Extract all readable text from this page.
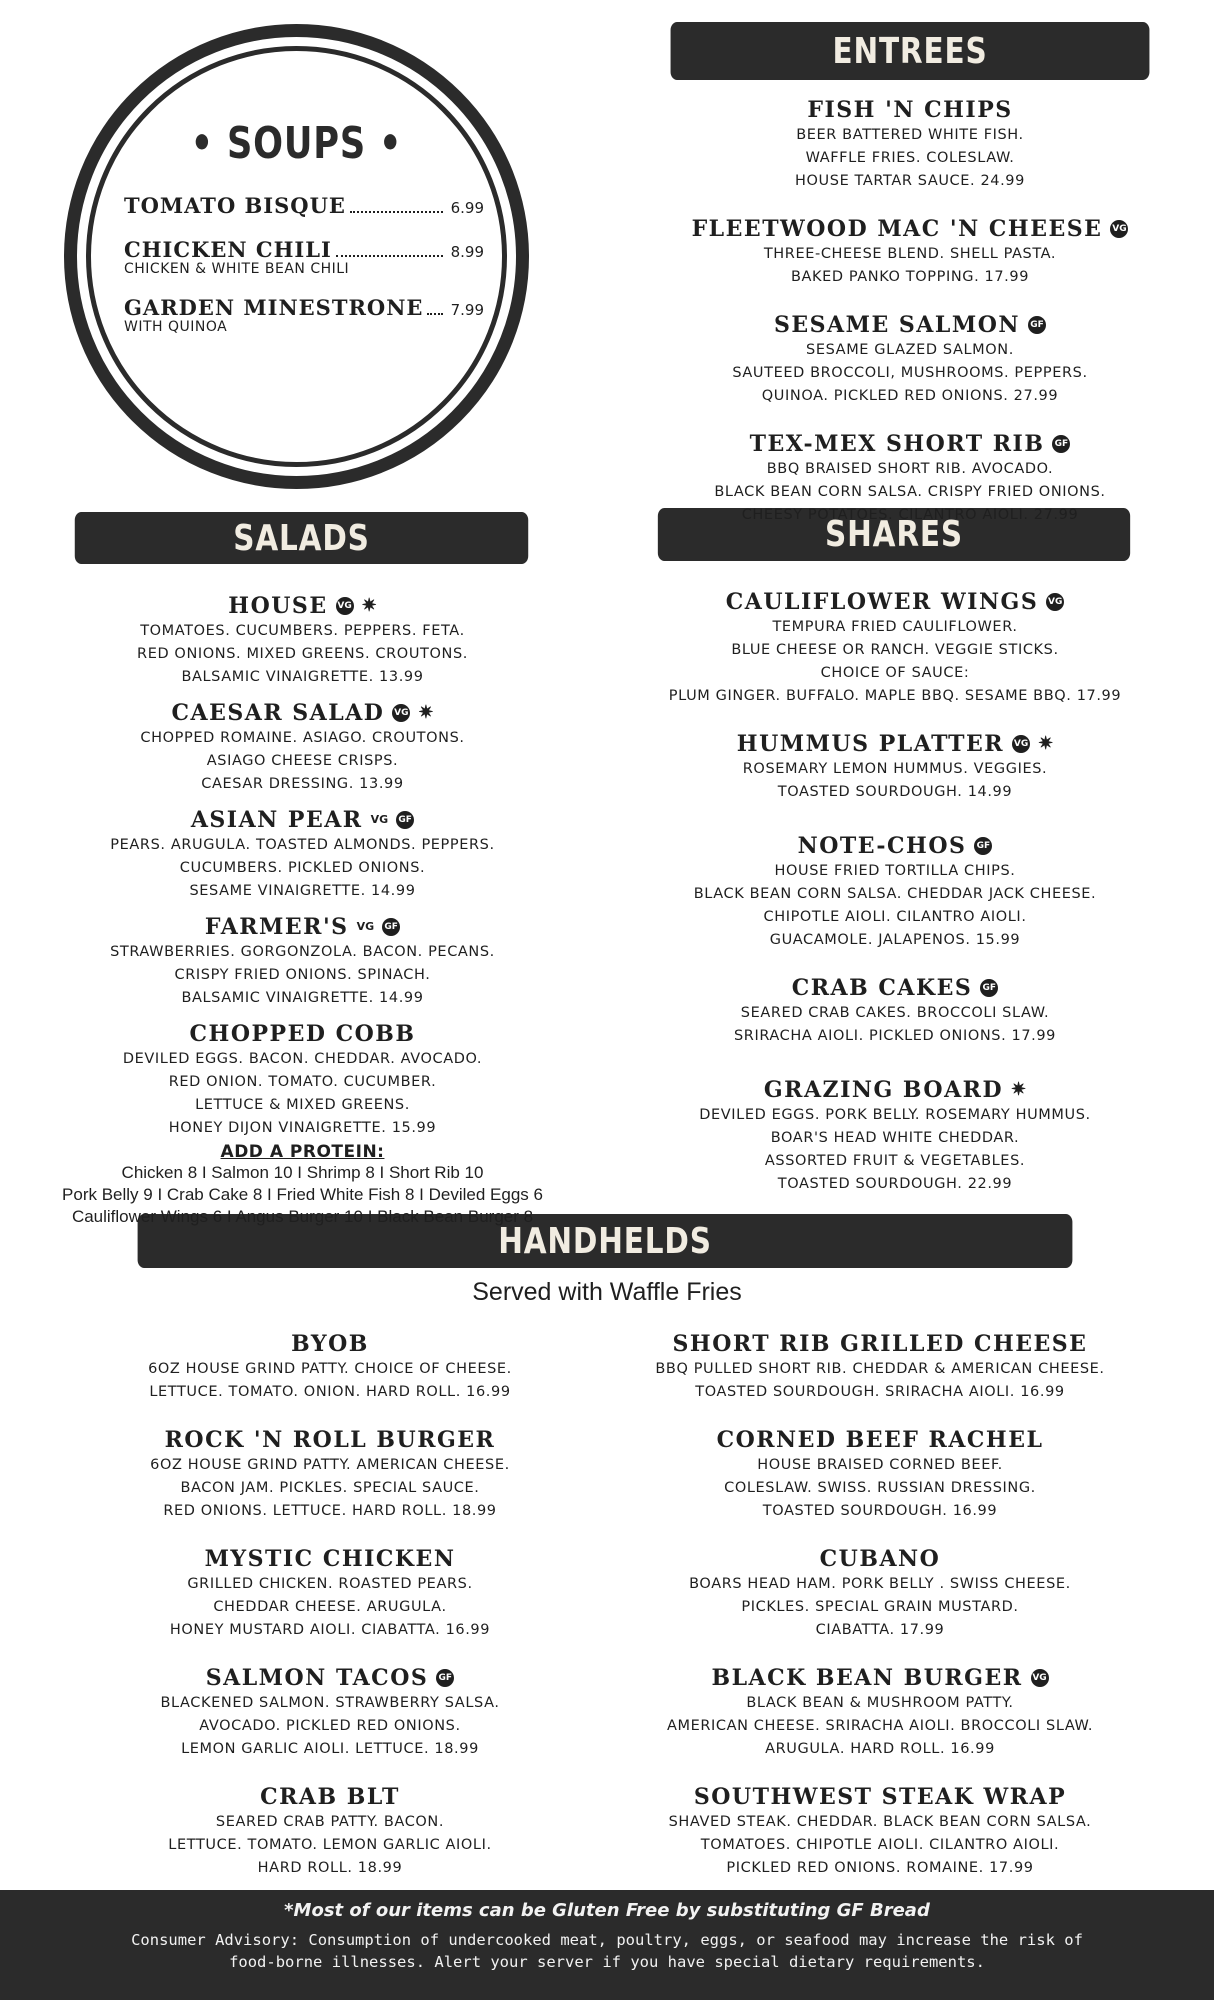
• SOUPS •
TOMATO BISQUE	6.99
CHICKEN CHILI	8.99
CHICKEN & WHITE BEAN CHILI
GARDEN MINESTRONE 7.99
WITH QUINOA
ENTREES
SALADS	SHARES
HANDHELDS
FISH 'N CHIPS
BEER BATTERED WHITE FISH.
WAFFLE FRIES. COLESLAW.
HOUSE TARTAR SAUCE. 24.99
FLEETWOOD MAC 'N CHEESE VG
THREE-CHEESE BLEND. SHELL PASTA.
BAKED PANKO TOPPING. 17.99
SESAME SALMON GF
SESAME GLAZED SALMON.
SAUTEED BROCCOLI, MUSHROOMS. PEPPERS.
QUINOA. PICKLED RED ONIONS. 27.99
TEX-MEX SHORT RIB GF
BBQ BRAISED SHORT RIB. AVOCADO.
BLACK BEAN CORN SALSA. CRISPY FRIED ONIONS.
CHEESY POTATOES. CILANTRO AIOLI. 27.99
HOUSE VG ✷
TOMATOES. CUCUMBERS. PEPPERS. FETA.
RED ONIONS. MIXED GREENS. CROUTONS.
BALSAMIC VINAIGRETTE. 13.99
CAESAR SALAD VG ✷
CHOPPED ROMAINE. ASIAGO. CROUTONS.
ASIAGO CHEESE CRISPS.
CAESAR DRESSING. 13.99
ASIAN PEAR VG GF
PEARS. ARUGULA. TOASTED ALMONDS. PEPPERS.
CUCUMBERS. PICKLED ONIONS.
SESAME VINAIGRETTE. 14.99
FARMER'S VG GF
STRAWBERRIES. GORGONZOLA. BACON. PECANS.
CRISPY FRIED ONIONS. SPINACH.
BALSAMIC VINAIGRETTE. 14.99
CHOPPED COBB
DEVILED EGGS. BACON. CHEDDAR. AVOCADO.
RED ONION. TOMATO. CUCUMBER.
LETTUCE & MIXED GREENS.
HONEY DIJON VINAIGRETTE. 15.99
ADD A PROTEIN:
Chicken 8 I Salmon 10 I Shrimp 8 I Short Rib 10
Pork Belly 9 I Crab Cake 8 I Fried White Fish 8 I Deviled Eggs 6
Cauliflower Wings 6 I Angus Burger 10 I Black Bean Burger 8
CAULIFLOWER WINGS VG
TEMPURA FRIED CAULIFLOWER.
BLUE CHEESE OR RANCH. VEGGIE STICKS.
CHOICE OF SAUCE:
PLUM GINGER. BUFFALO. MAPLE BBQ. SESAME BBQ. 17.99
HUMMUS PLATTER VG ✷
ROSEMARY LEMON HUMMUS. VEGGIES.
TOASTED SOURDOUGH. 14.99
NOTE-CHOS GF
HOUSE FRIED TORTILLA CHIPS.
BLACK BEAN CORN SALSA. CHEDDAR JACK CHEESE.
CHIPOTLE AIOLI. CILANTRO AIOLI.
GUACAMOLE. JALAPENOS. 15.99
CRAB CAKES GF
SEARED CRAB CAKES. BROCCOLI SLAW.
SRIRACHA AIOLI. PICKLED ONIONS. 17.99
GRAZING BOARD ✷
DEVILED EGGS. PORK BELLY. ROSEMARY HUMMUS.
BOAR'S HEAD WHITE CHEDDAR.
ASSORTED FRUIT & VEGETABLES.
TOASTED SOURDOUGH. 22.99
Served with Waffle Fries
BYOB
6OZ HOUSE GRIND PATTY. CHOICE OF CHEESE.
LETTUCE. TOMATO. ONION. HARD ROLL. 16.99
ROCK 'N ROLL BURGER
6OZ HOUSE GRIND PATTY. AMERICAN CHEESE.
BACON JAM. PICKLES. SPECIAL SAUCE.
RED ONIONS. LETTUCE. HARD ROLL. 18.99
MYSTIC CHICKEN
GRILLED CHICKEN. ROASTED PEARS.
CHEDDAR CHEESE. ARUGULA.
HONEY MUSTARD AIOLI. CIABATTA. 16.99
SALMON TACOS GF
BLACKENED SALMON. STRAWBERRY SALSA.
AVOCADO. PICKLED RED ONIONS.
LEMON GARLIC AIOLI. LETTUCE. 18.99
CRAB BLT
SEARED CRAB PATTY. BACON.
LETTUCE. TOMATO. LEMON GARLIC AIOLI.
HARD ROLL. 18.99
SHORT RIB GRILLED CHEESE
BBQ PULLED SHORT RIB. CHEDDAR & AMERICAN CHEESE.
TOASTED SOURDOUGH. SRIRACHA AIOLI. 16.99
CORNED BEEF RACHEL
HOUSE BRAISED CORNED BEEF.
COLESLAW. SWISS. RUSSIAN DRESSING.
TOASTED SOURDOUGH. 16.99
CUBANO
BOARS HEAD HAM. PORK BELLY . SWISS CHEESE.
PICKLES. SPECIAL GRAIN MUSTARD.
CIABATTA. 17.99
BLACK BEAN BURGER VG
BLACK BEAN & MUSHROOM PATTY.
AMERICAN CHEESE. SRIRACHA AIOLI. BROCCOLI SLAW.
ARUGULA. HARD ROLL. 16.99
SOUTHWEST STEAK WRAP
SHAVED STEAK. CHEDDAR. BLACK BEAN CORN SALSA.
TOMATOES. CHIPOTLE AIOLI. CILANTRO AIOLI.
PICKLED RED ONIONS. ROMAINE. 17.99
*Most of our items can be Gluten Free by substituting GF Bread
Consumer Advisory: Consumption of undercooked meat, poultry, eggs, or seafood may increase the risk of
food-borne illnesses. Alert your server if you have special dietary requirements.
